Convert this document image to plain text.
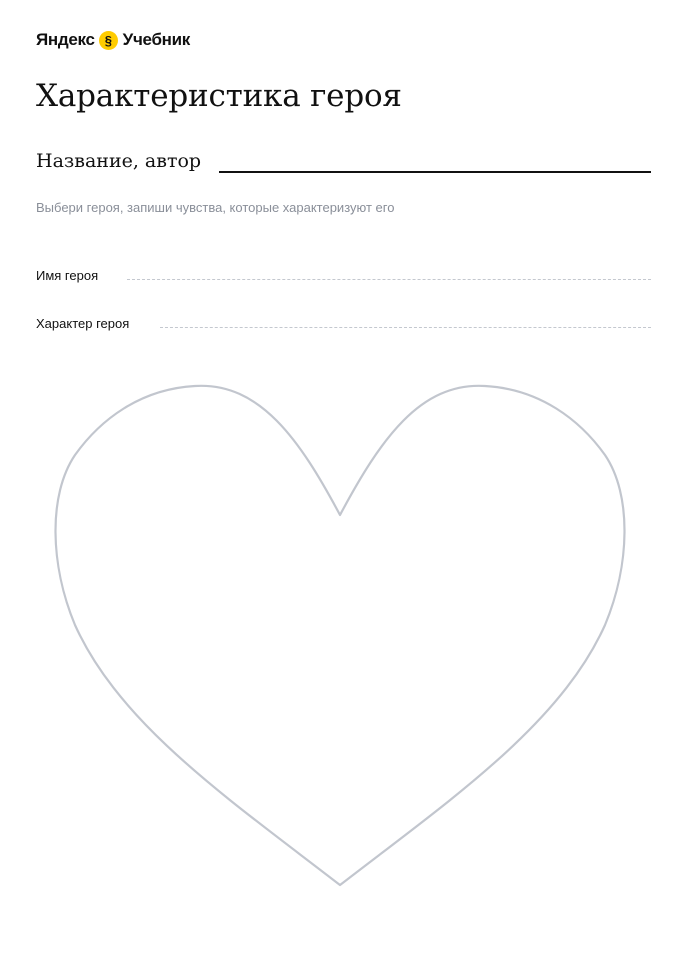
Яндекс § Учебник
Характеристика героя
Название, автор
Выбери героя, запиши чувства, которые характеризуют его
Имя героя
Характер героя
